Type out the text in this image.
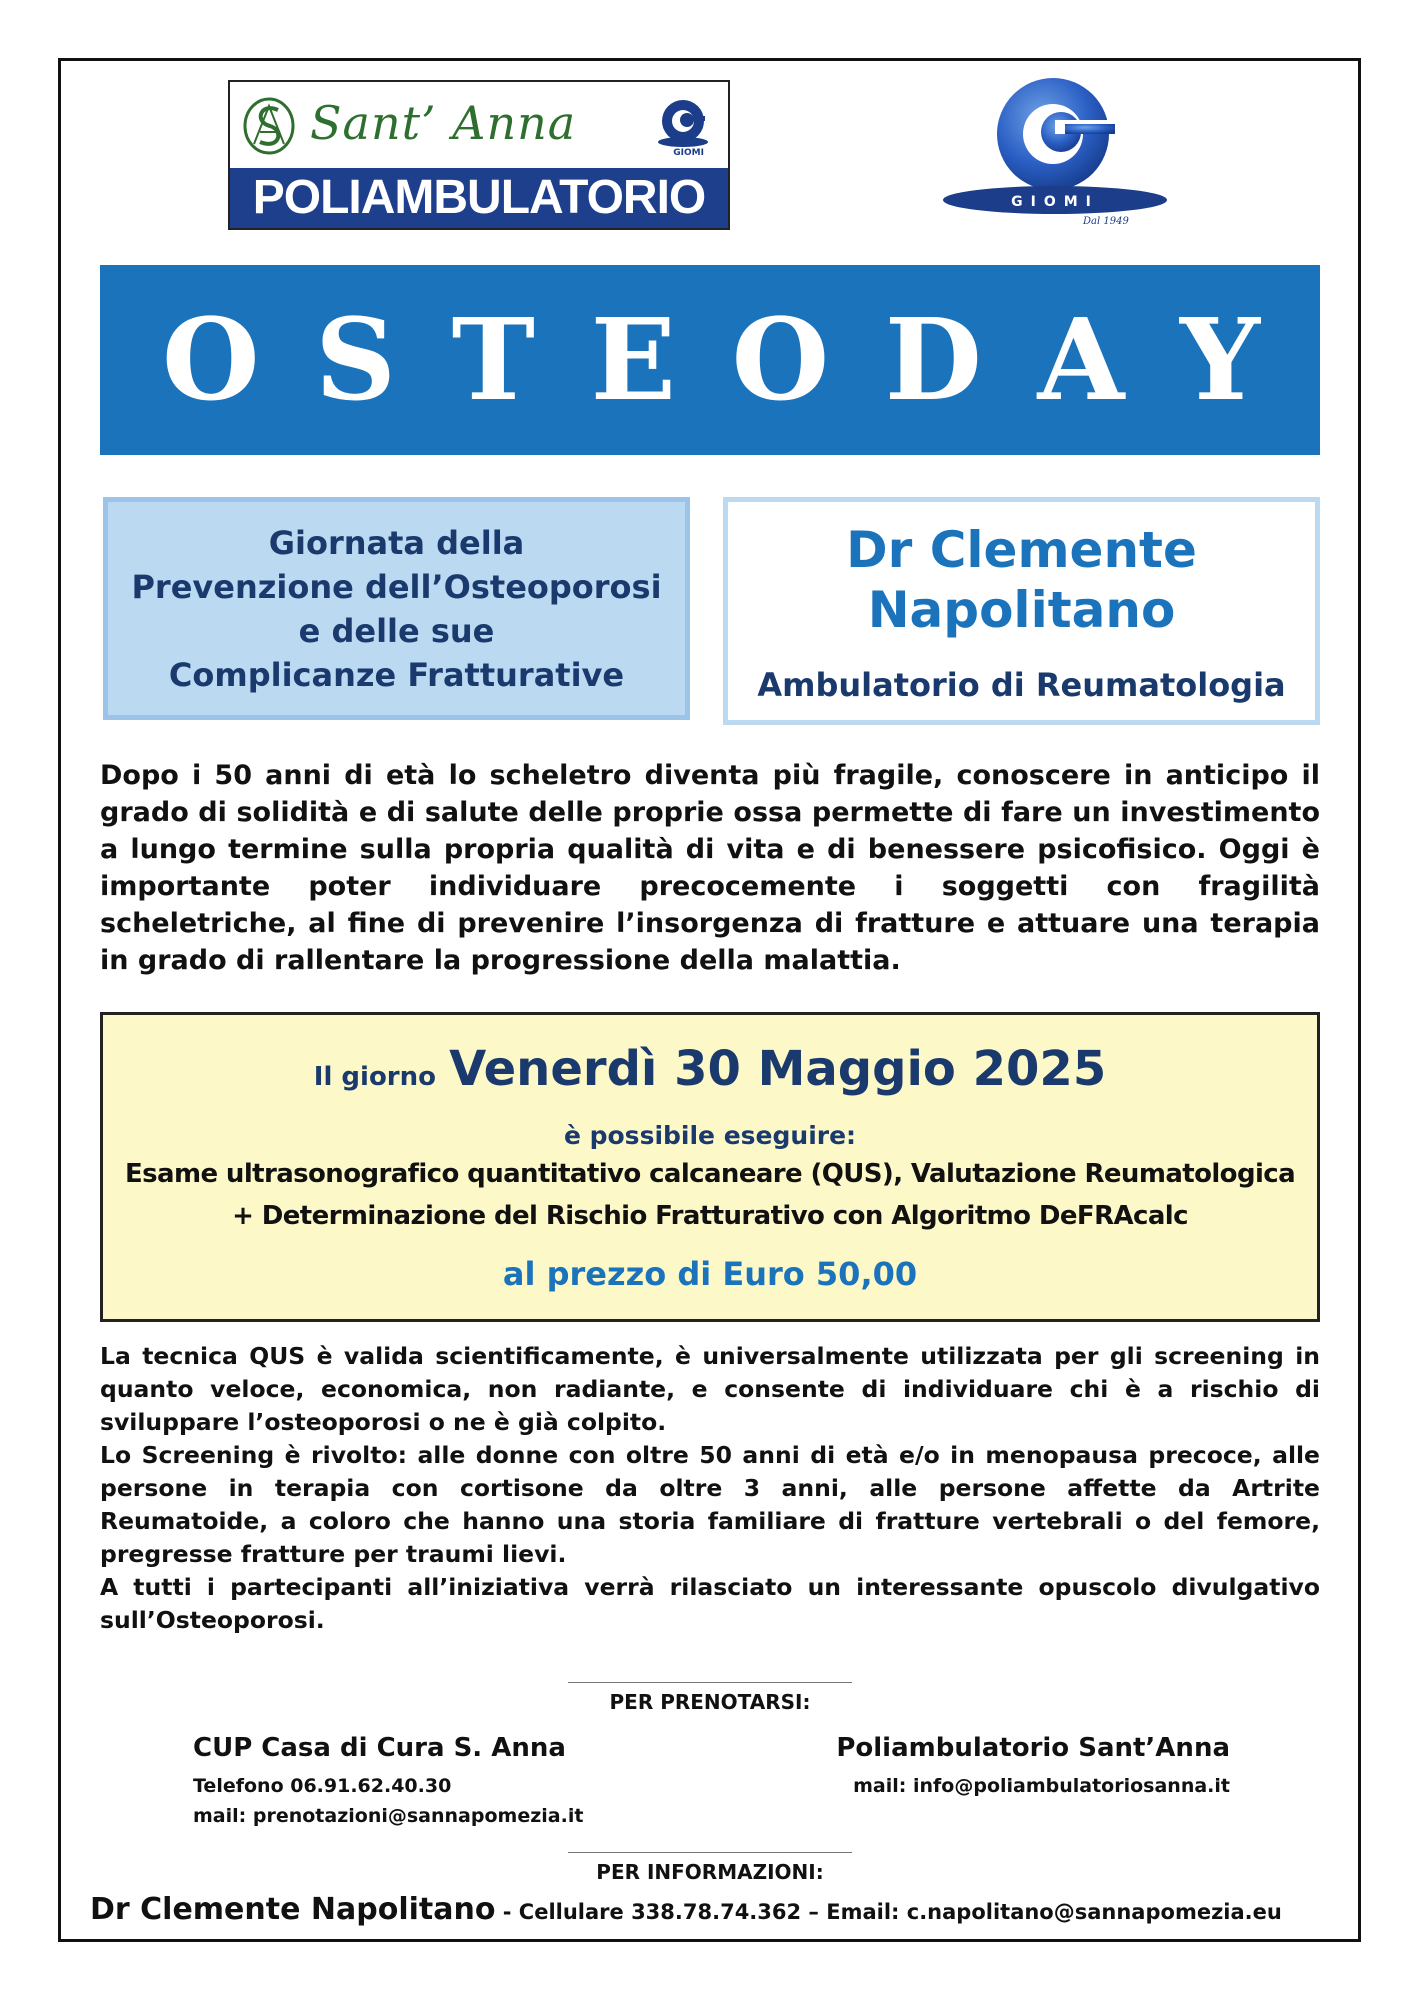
Sant’ Anna
GIOMI
POLIAMBULATORIO	GIOMI
Dal 1949
O S T E O D A Y
Giornata della
Prevenzione dell’Osteoporosi
e delle sue
Complicanze Fratturative
Dr Clemente
Napolitano
Ambulatorio di Reumatologia
Dopo i 50 anni di età lo scheletro diventa più fragile, conoscere in anticipo il grado di solidità e di salute delle proprie ossa permette di fare un investimento a lungo termine sulla propria qualità di vita e di benessere psicofisico. Oggi è importante poter individuare precocemente i soggetti con fragilità scheletriche, al fine di prevenire l’insorgenza di fratture e attuare una terapia in grado di rallentare la progressione della malattia.
Il giorno Venerdì 30 Maggio 2025
è possibile eseguire:
Esame ultrasonografico quantitativo calcaneare (QUS), Valutazione Reumatologica
+ Determinazione del Rischio Fratturativo con Algoritmo DeFRAcalc
al prezzo di Euro 50,00

La tecnica QUS è valida scientificamente, è universalmente utilizzata per gli screening in quanto veloce, economica, non radiante, e consente di individuare chi è a rischio di sviluppare l’osteoporosi o ne è già colpito.

Lo Screening è rivolto: alle donne con oltre 50 anni di età e/o in menopausa precoce, alle persone in terapia con cortisone da oltre 3 anni, alle persone affette da Artrite Reumatoide, a coloro che hanno una storia familiare di fratture vertebrali o del femore, pregresse fratture per traumi lievi.

A tutti i partecipanti all’iniziativa verrà rilasciato un interessante opuscolo divulgativo sull’Osteoporosi.

PER PRENOTARSI:
CUP Casa di Cura S. Anna
Telefono 06.91.62.40.30
mail: prenotazioni@sannapomezia.it
Poliambulatorio Sant’Anna
mail: info@poliambulatoriosanna.it
PER INFORMAZIONI:
Dr Clemente Napolitano - Cellulare 338.78.74.362 – Email: c.napolitano@sannapomezia.eu
